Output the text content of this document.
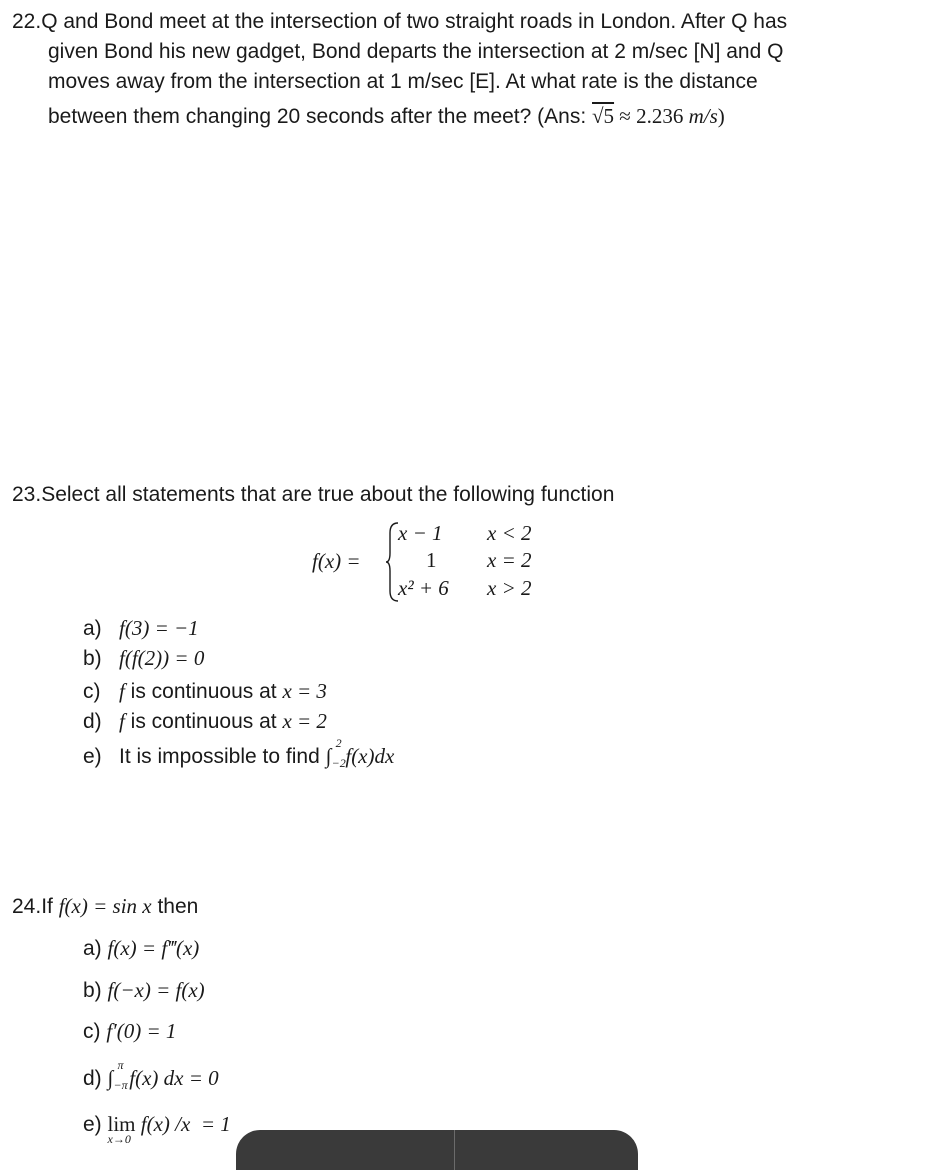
22.Q and Bond meet at the intersection of two straight roads in London. After Q has
given Bond his new gadget, Bond departs the intersection at 2 m/sec [N] and Q
moves away from the intersection at 1 m/sec [E]. At what rate is the distance
between them changing 20 seconds after the meet? (Ans: √5 ≈ 2.236 m/s)
23.Select all statements that are true about the following function
f(x) =
x − 1 x < 2
1 x = 2
x² + 6 x > 2
a) f(3) = −1
b) f(f(2)) = 0
c) f is continuous at x = 3
d) f is continuous at x = 2
e) It is impossible to find ∫
2
−2 f(x)dx
24.If f(x) = sin x then
a) f(x) = f‴(x)
b) f(−x) = f(x)
c) f′(0) = 1
d) ∫
π
−π f(x) dx = 0
e) lim
x→0
f(x) /x  = 1
